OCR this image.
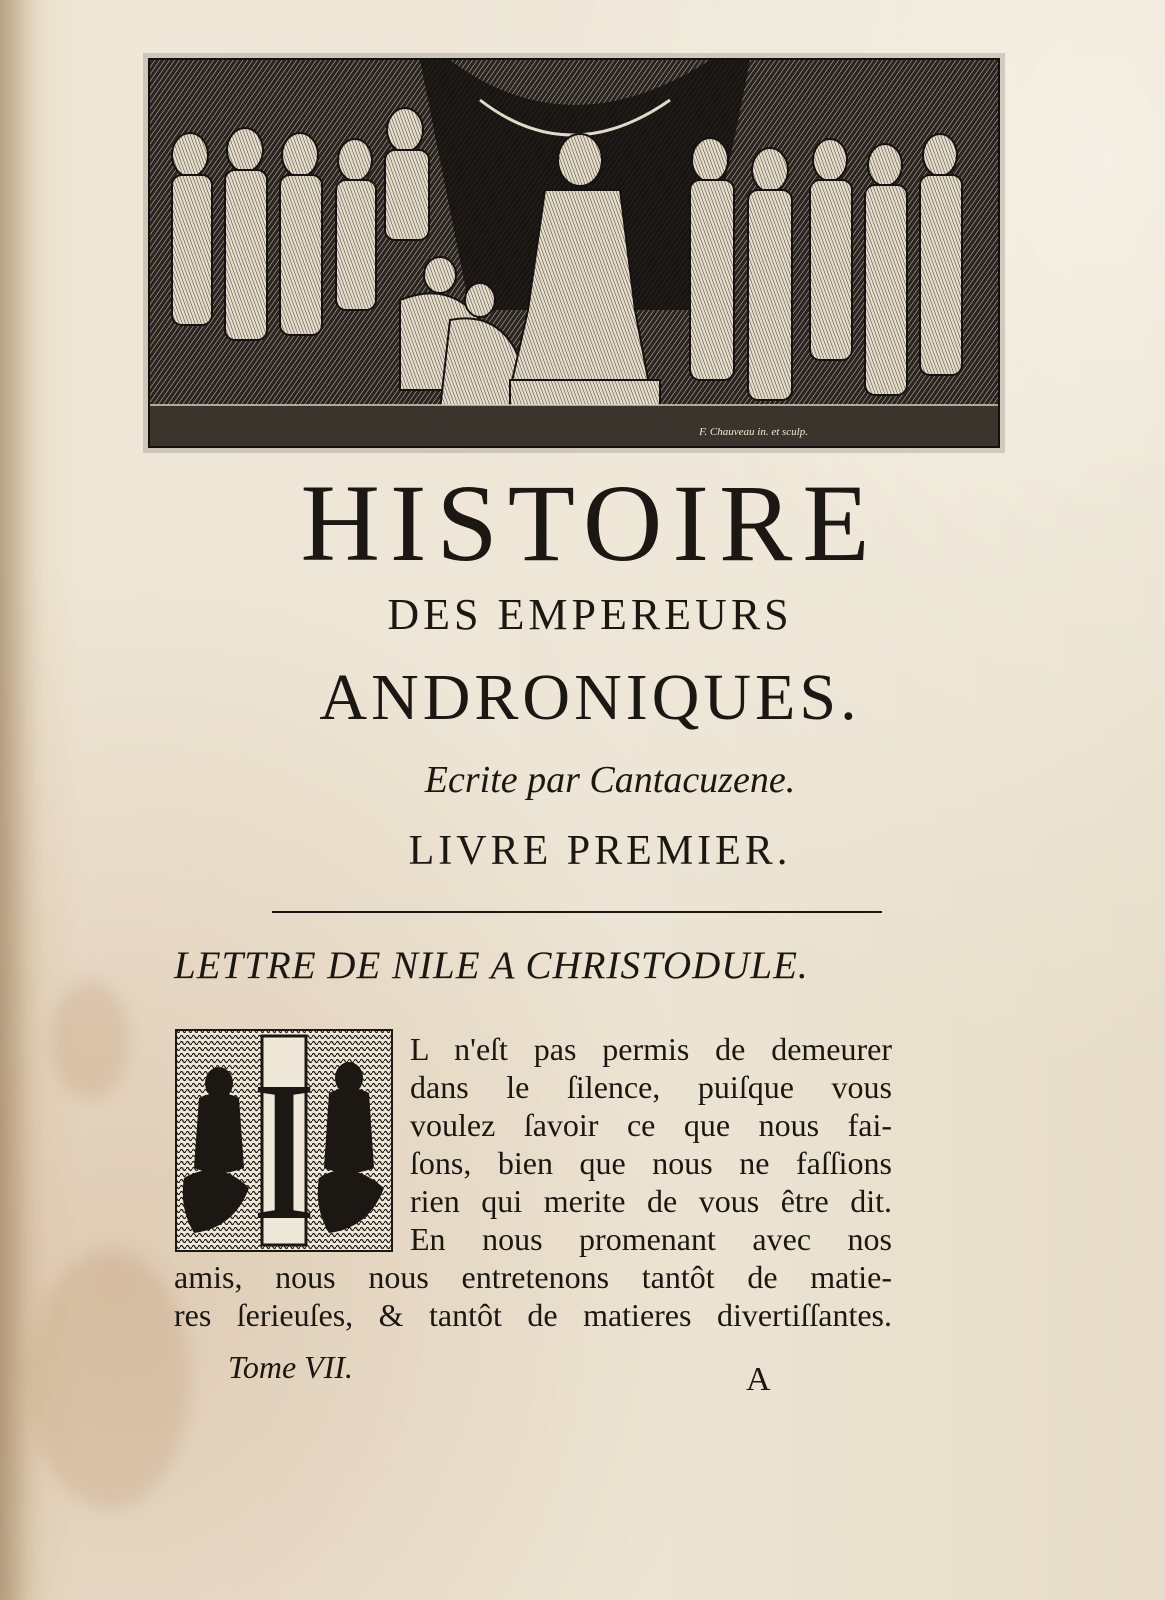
F. Chauveau in. et sculp.
HISTOIRE
DES EMPEREURS
ANDRONIQUES.
Ecrite par Cantacuzene.
LIVRE PREMIER.
LETTRE DE NILE A CHRISTODULE.
I	L n'eſt pas permis de demeurer
dans le ſilence, puiſque vous
voulez ſavoir ce que nous fai-
ſons, bien que nous ne faſſions
rien qui merite de vous être dit.
En nous promenant avec nos
amis, nous nous entretenons tantôt de matie-
res ſerieuſes, & tantôt de matieres divertiſſantes.
Tome VII.	A
